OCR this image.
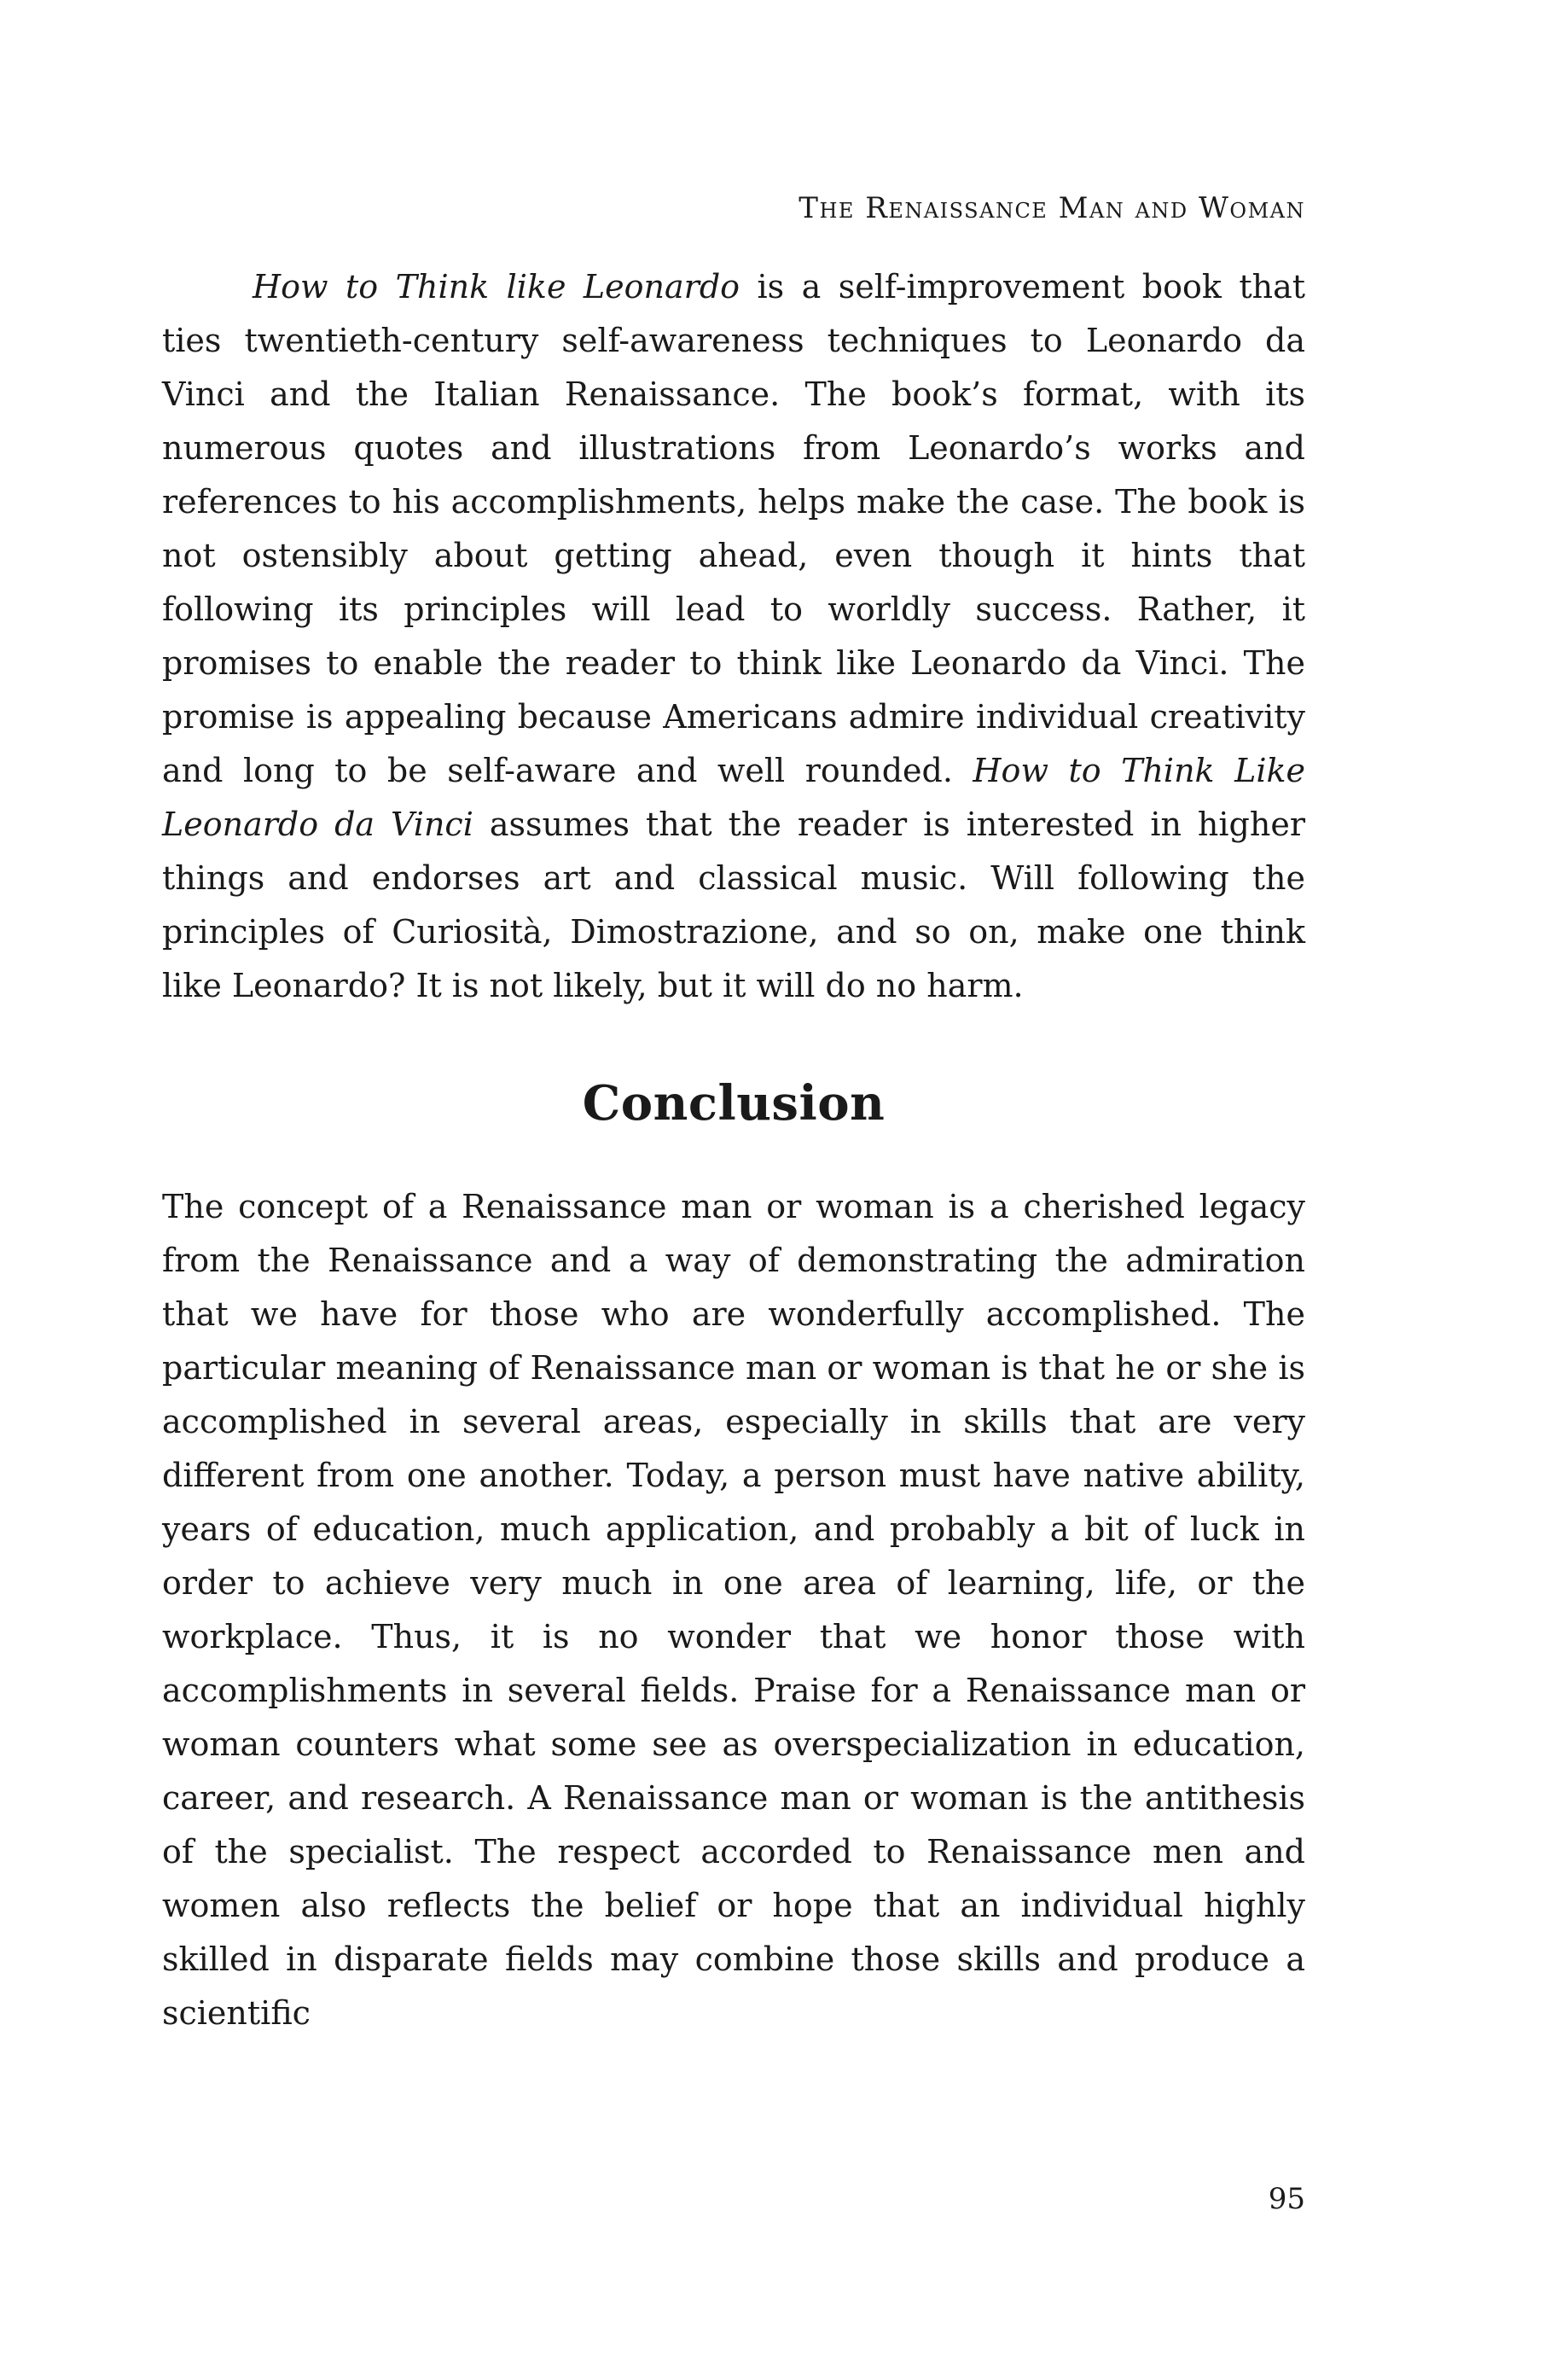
The Renaissance Man and Woman

How to Think like Leonardo is a self-improvement book that ties twentieth-century self-awareness techniques to Leonardo da Vinci and the Italian Renaissance. The book’s format, with its numerous quotes and illustrations from Leonardo’s works and references to his accomplishments, helps make the case. The book is not ostensibly about getting ahead, even though it hints that following its principles will lead to worldly success. Rather, it promises to enable the reader to think like Leonardo da Vinci. The promise is appealing because Americans admire individual creativity and long to be self-aware and well rounded. How to Think Like Leonardo da Vinci assumes that the reader is interested in higher things and endorses art and classical music. Will following the principles of Curiosità, Dimostrazione, and so on, make one think like Leonardo? It is not likely, but it will do no harm.

Conclusion

The concept of a Renaissance man or woman is a cherished legacy from the Renaissance and a way of demonstrating the admiration that we have for those who are wonderfully accomplished. The particular meaning of Renaissance man or woman is that he or she is accomplished in several areas, especially in skills that are very different from one another. Today, a person must have native ability, years of education, much application, and probably a bit of luck in order to achieve very much in one area of learning, life, or the workplace. Thus, it is no wonder that we honor those with accomplishments in several fields. Praise for a Renaissance man or woman counters what some see as overspecialization in education, career, and research. A Renaissance man or woman is the antithesis of the specialist. The respect accorded to Renaissance men and women also reflects the belief or hope that an individual highly skilled in disparate fields may combine those skills and produce a scientific

95
